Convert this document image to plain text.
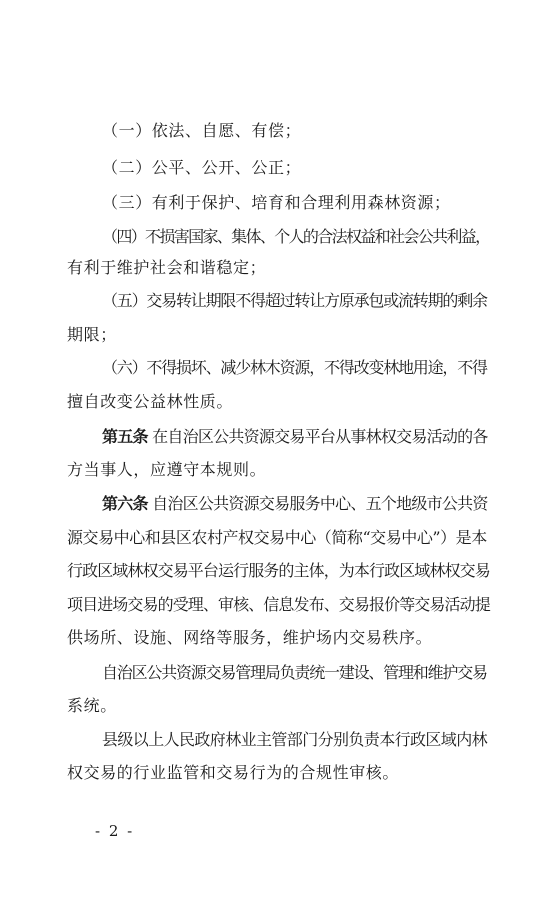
（一）依法、自愿、有偿；
（二）公平、公开、公正；
（三）有利于保护、培育和合理利用森林资源；
（四）不损害国家、集体、个人的合法权益和社会公共利益，
有利于维护社会和谐稳定；
（五）交易转让期限不得超过转让方原承包或流转期的剩余
期限；
（六）不得损坏、减少林木资源，不得改变林地用途，不得
擅自改变公益林性质。
第五条 在自治区公共资源交易平台从事林权交易活动的各
方当事人，应遵守本规则。
第六条 自治区公共资源交易服务中心、五个地级市公共资
源交易中心和县区农村产权交易中心（简称“交易中心”）是本
行政区域林权交易平台运行服务的主体，为本行政区域林权交易
项目进场交易的受理、审核、信息发布、交易报价等交易活动提
供场所、设施、网络等服务，维护场内交易秩序。
自治区公共资源交易管理局负责统一建设、管理和维护交易
系统。
县级以上人民政府林业主管部门分别负责本行政区域内林
权交易的行业监管和交易行为的合规性审核。
- 2 -
